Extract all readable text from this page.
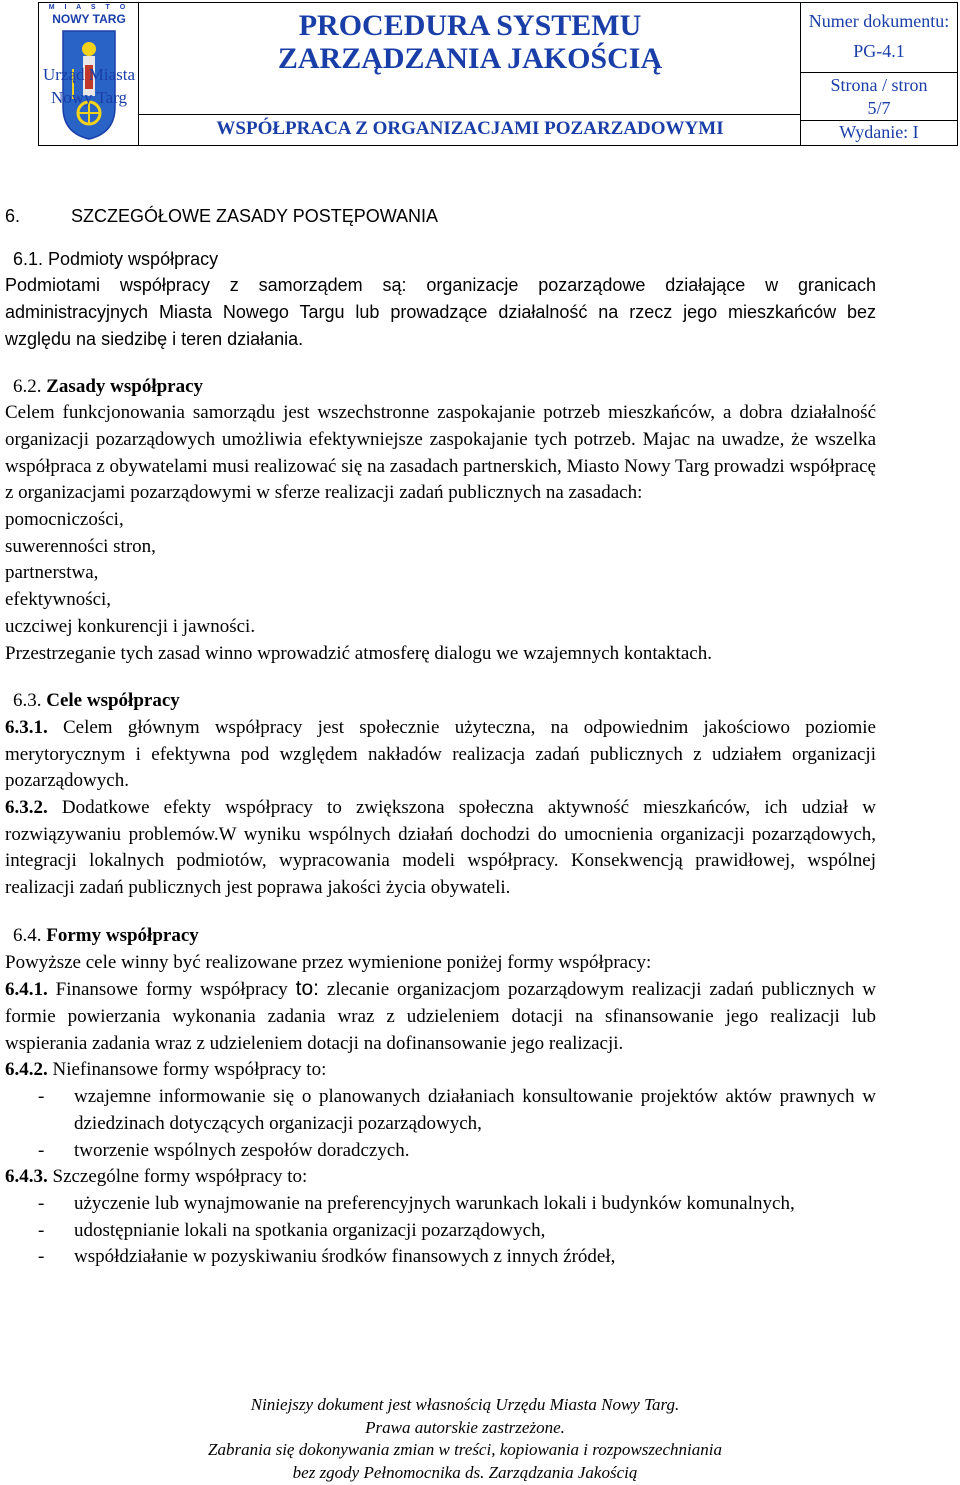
M I A S T O
NOWY TARG
Urząd Miasta
Nowy Targ
PROCEDURA SYSTEMU
ZARZĄDZANIA JAKOŚCIĄ
WSPÓŁPRACA Z ORGANIZACJAMI POZARZADOWYMI
Numer dokumentu:
PG-4.1
Strona / stron
5/7
Wydanie: I

6.	SZCZEGÓŁOWE ZASADY POSTĘPOWANIA

6.1. Podmioty współpracy

Podmiotami współpracy z samorządem są: organizacje pozarządowe działające w granicach administracyjnych Miasta Nowego Targu lub prowadzące działalność na rzecz jego mieszkańców bez względu na siedzibę i teren działania.

6.2. Zasady współpracy

Celem funkcjonowania samorządu jest wszechstronne zaspokajanie potrzeb mieszkańców, a dobra działalność organizacji pozarządowych umożliwia efektywniejsze zaspokajanie tych potrzeb. Majac na uwadze, że wszelka współpraca z obywatelami musi realizować się na zasadach partnerskich, Miasto Nowy Targ prowadzi współpracę z organizacjami pozarządowymi w sferze realizacji zadań publicznych na zasadach:

pomocniczości,

suwerenności stron,

partnerstwa,

efektywności,

uczciwej konkurencji i jawności.

Przestrzeganie tych zasad winno wprowadzić atmosferę dialogu we wzajemnych kontaktach.

6.3. Cele współpracy

6.3.1. Celem głównym współpracy jest społecznie użyteczna, na odpowiednim jakościowo poziomie merytorycznym i efektywna pod względem nakładów realizacja zadań publicznych z udziałem organizacji pozarządowych.

6.3.2. Dodatkowe efekty współpracy to zwiększona społeczna aktywność mieszkańców, ich udział w rozwiązywaniu problemów.W wyniku wspólnych działań dochodzi do umocnienia organizacji pozarządowych, integracji lokalnych podmiotów, wypracowania modeli współpracy. Konsekwencją prawidłowej, wspólnej realizacji zadań publicznych jest poprawa jakości życia obywateli.

6.4. Formy współpracy

Powyższe cele winny być realizowane przez wymienione poniżej formy współpracy:

6.4.1. Finansowe formy współpracy to: zlecanie organizacjom pozarządowym realizacji zadań publicznych w formie powierzania wykonania zadania wraz z udzieleniem dotacji na sfinansowanie jego realizacji lub wspierania zadania wraz z udzieleniem dotacji na dofinansowanie jego realizacji.

6.4.2. Niefinansowe formy współpracy to:

- wzajemne informowanie się o planowanych działaniach konsultowanie projektów aktów prawnych w dziedzinach dotyczących organizacji pozarządowych,

- tworzenie wspólnych zespołów doradczych.

6.4.3. Szczególne formy współpracy to:

- użyczenie lub wynajmowanie na preferencyjnych warunkach lokali i budynków komunalnych,

- udostępnianie lokali na spotkania organizacji pozarządowych,

- współdziałanie w pozyskiwaniu środków finansowych z innych źródeł,

Niniejszy dokument jest własnością Urzędu Miasta Nowy Targ.
Prawa autorskie zastrzeżone.
Zabrania się dokonywania zmian w treści, kopiowania i rozpowszechniania
bez zgody Pełnomocnika ds. Zarządzania Jakością
